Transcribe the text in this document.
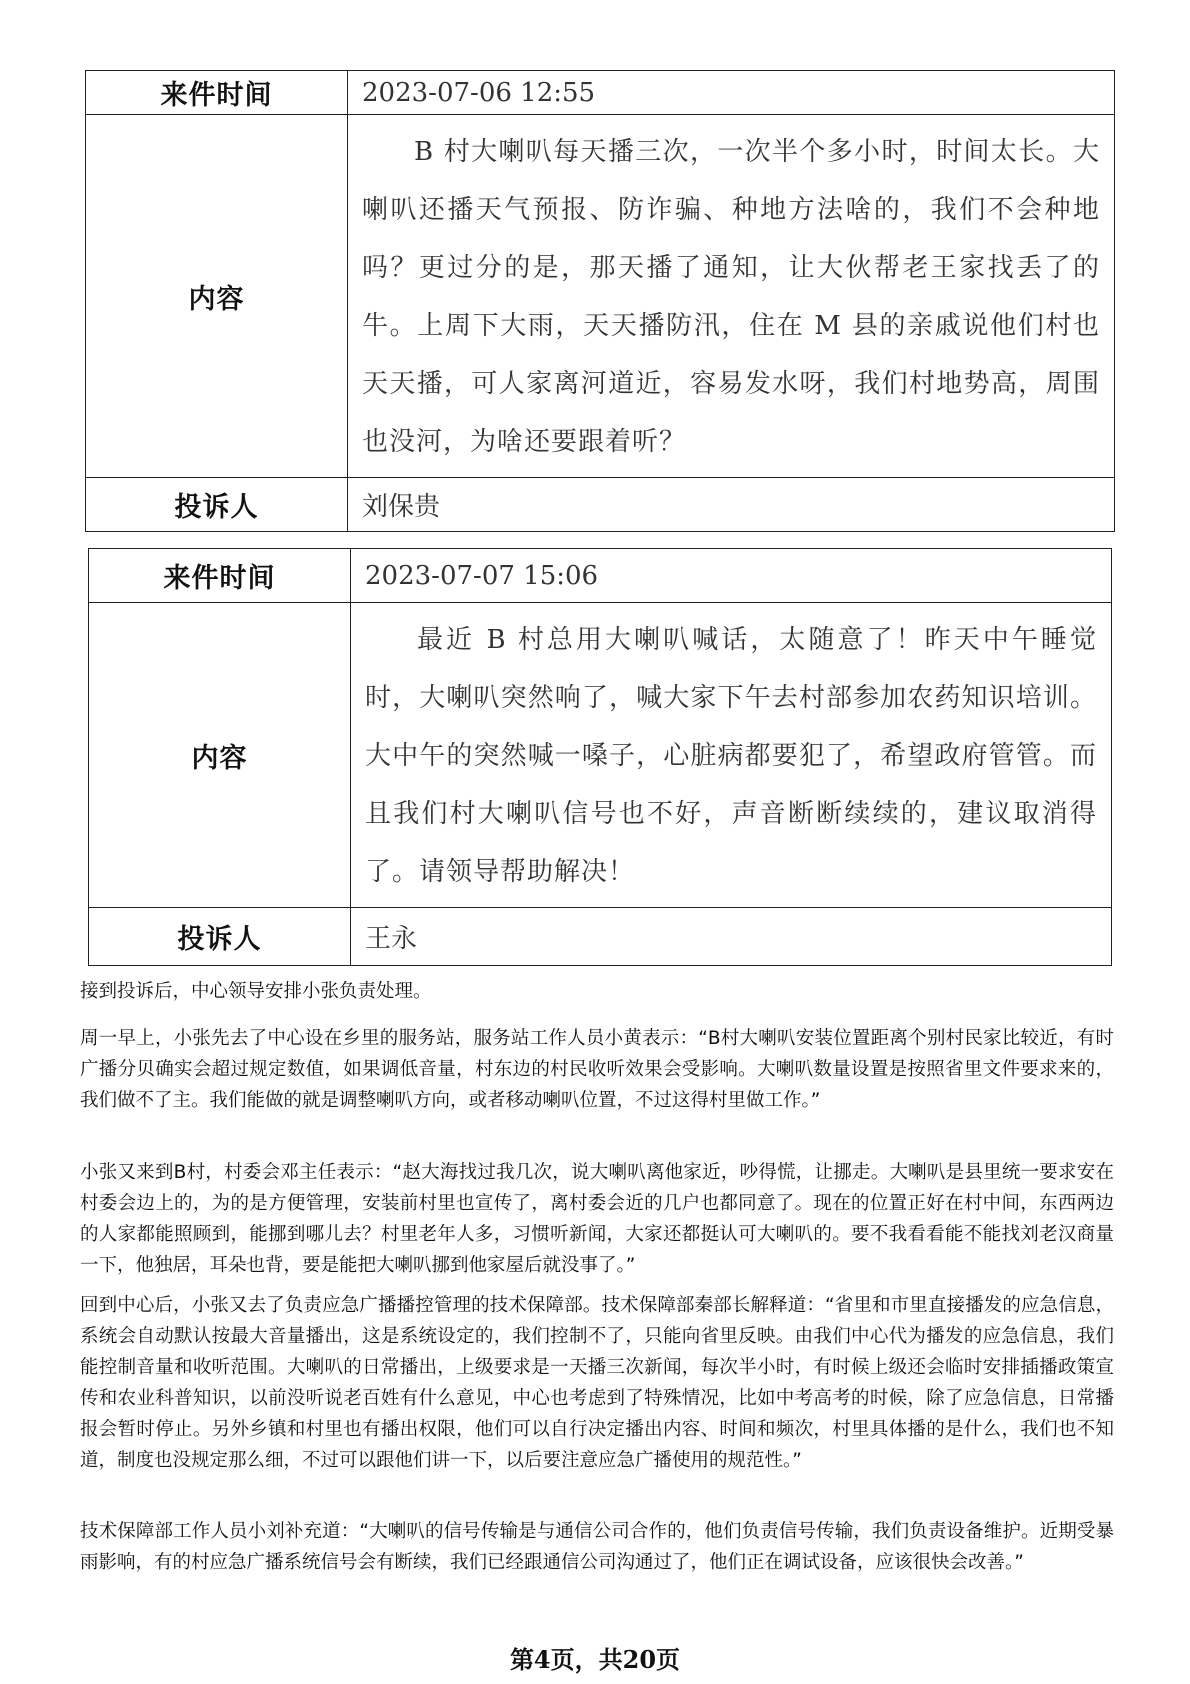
来件时间	2023-07-06 12:55
内容	B 村大喇叭每天播三次，一次半个多小时，时间太长。大喇叭还播天气预报、防诈骗、种地方法啥的，我们不会种地吗？更过分的是，那天播了通知，让大伙帮老王家找丢了的牛。上周下大雨，天天播防汛，住在 M 县的亲戚说他们村也天天播，可人家离河道近，容易发水呀，我们村地势高，周围也没河，为啥还要跟着听？
投诉人	刘保贵
来件时间	2023-07-07 15:06
内容	最近 B 村总用大喇叭喊话，太随意了！昨天中午睡觉时，大喇叭突然响了，喊大家下午去村部参加农药知识培训。大中午的突然喊一嗓子，心脏病都要犯了，希望政府管管。而且我们村大喇叭信号也不好，声音断断续续的，建议取消得了。请领导帮助解决！
投诉人	王永

接到投诉后，中心领导安排小张负责处理。

周一早上，小张先去了中心设在乡里的服务站，服务站工作人员小黄表示：“B村大喇叭安装位置距离个别村民家比较近，有时广播分贝确实会超过规定数值，如果调低音量，村东边的村民收听效果会受影响。大喇叭数量设置是按照省里文件要求来的，我们做不了主。我们能做的就是调整喇叭方向，或者移动喇叭位置，不过这得村里做工作。”

小张又来到B村，村委会邓主任表示：“赵大海找过我几次，说大喇叭离他家近，吵得慌，让挪走。大喇叭是县里统一要求安在村委会边上的，为的是方便管理，安装前村里也宣传了，离村委会近的几户也都同意了。现在的位置正好在村中间，东西两边的人家都能照顾到，能挪到哪儿去？村里老年人多，习惯听新闻，大家还都挺认可大喇叭的。要不我看看能不能找刘老汉商量一下，他独居，耳朵也背，要是能把大喇叭挪到他家屋后就没事了。”

回到中心后，小张又去了负责应急广播播控管理的技术保障部。技术保障部秦部长解释道：“省里和市里直接播发的应急信息，系统会自动默认按最大音量播出，这是系统设定的，我们控制不了，只能向省里反映。由我们中心代为播发的应急信息，我们能控制音量和收听范围。大喇叭的日常播出，上级要求是一天播三次新闻，每次半小时，有时候上级还会临时安排插播政策宣传和农业科普知识，以前没听说老百姓有什么意见，中心也考虑到了特殊情况，比如中考高考的时候，除了应急信息，日常播报会暂时停止。另外乡镇和村里也有播出权限，他们可以自行决定播出内容、时间和频次，村里具体播的是什么，我们也不知道，制度也没规定那么细，不过可以跟他们讲一下，以后要注意应急广播使用的规范性。”

技术保障部工作人员小刘补充道：“大喇叭的信号传输是与通信公司合作的，他们负责信号传输，我们负责设备维护。近期受暴雨影响，有的村应急广播系统信号会有断续，我们已经跟通信公司沟通过了，他们正在调试设备，应该很快会改善。”

第4页，共20页
